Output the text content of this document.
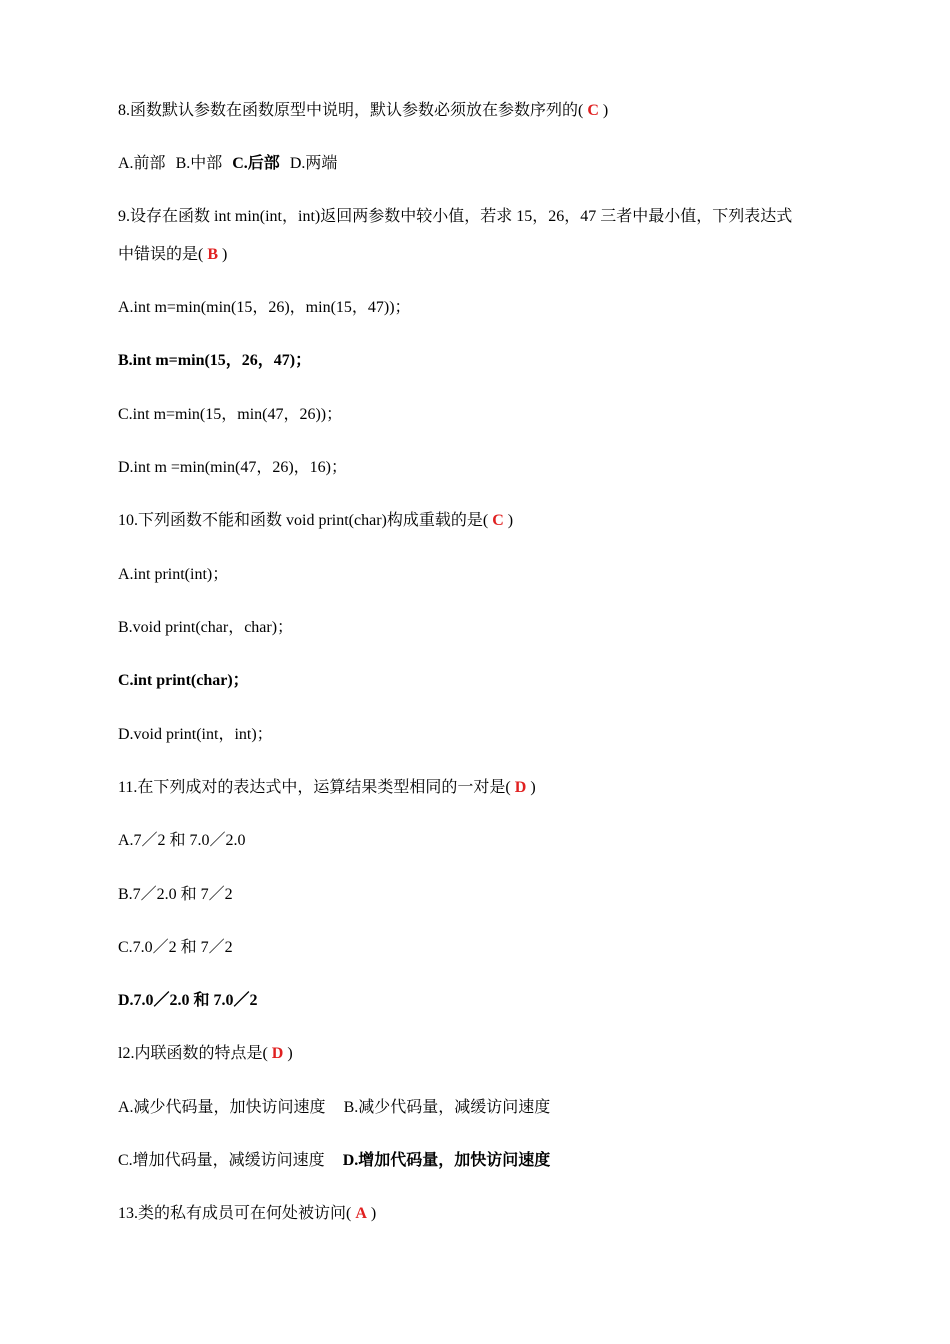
8.函数默认参数在函数原型中说明，默认参数必须放在参数序列的( C )
A.前部 B.中部 C.后部 D.两端
9.设存在函数 int min(int，int)返回两参数中较小值，若求 15，26，47 三者中最小值，下列表达式
中错误的是( B )
A.int m=min(min(15，26)，min(15，47))；
B.int m=min(15，26，47)；
C.int m=min(15，min(47，26))；
D.int m =min(min(47，26)，16)；
10.下列函数不能和函数 void print(char)构成重载的是( C )
A.int print(int)；
B.void print(char，char)；
C.int print(char)；
D.void print(int，int)；
11.在下列成对的表达式中，运算结果类型相同的一对是( D )
A.7／2 和 7.0／2.0
B.7／2.0 和 7／2
C.7.0／2 和 7／2
D.7.0／2.0 和 7.0／2
l2.内联函数的特点是( D )
A.减少代码量，加快访问速度 B.减少代码量，减缓访问速度
C.增加代码量，减缓访问速度 D.增加代码量，加快访问速度
13.类的私有成员可在何处被访问( A )
